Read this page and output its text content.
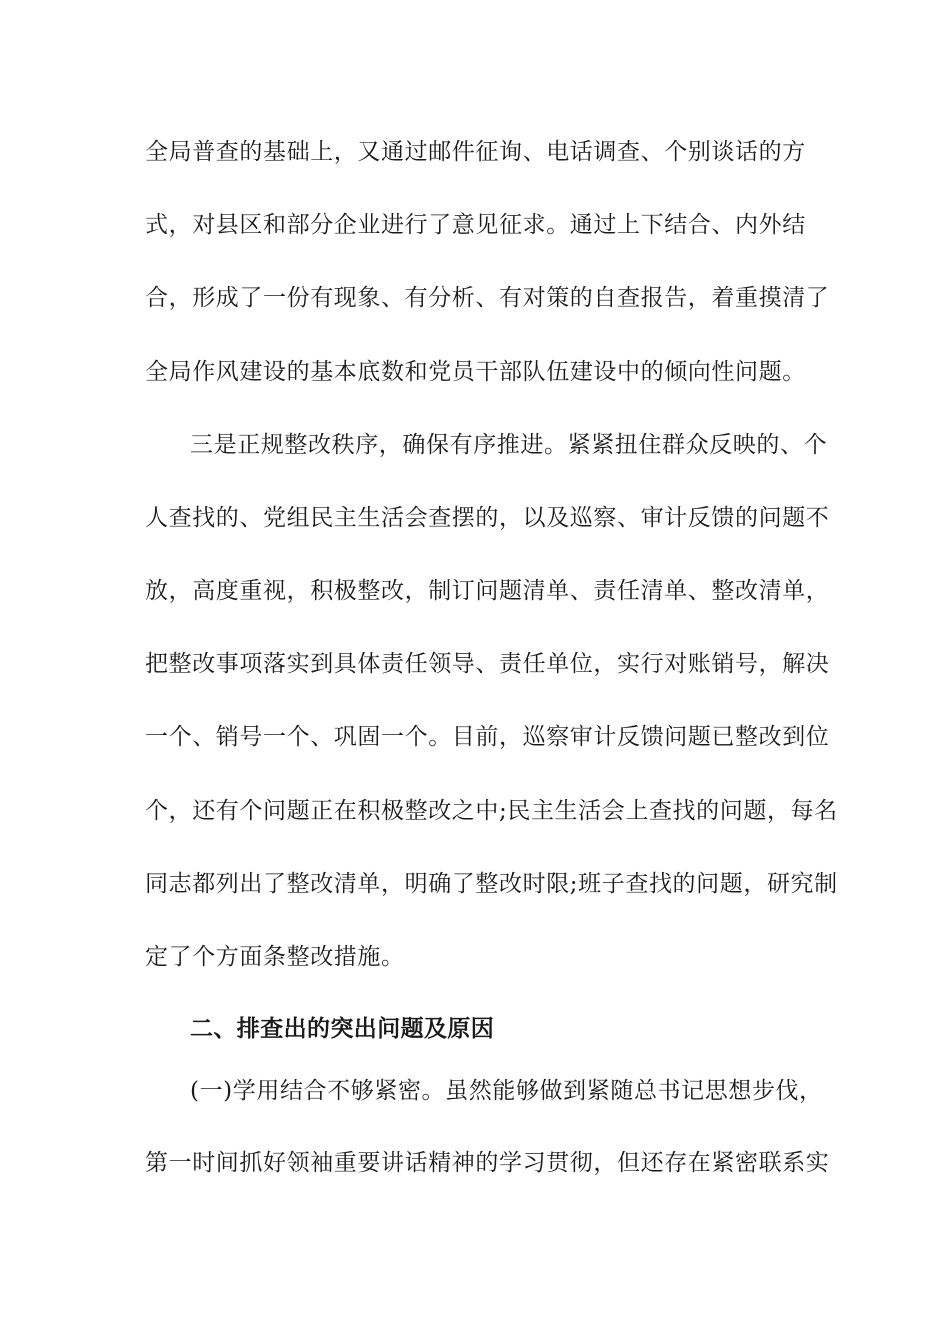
全局普查的基础上，又通过邮件征询、电话调查、个别谈话的方
式，对县区和部分企业进行了意见征求。通过上下结合、内外结
合，形成了一份有现象、有分析、有对策的自查报告，着重摸清了
全局作风建设的基本底数和党员干部队伍建设中的倾向性问题。
三是正规整改秩序，确保有序推进。紧紧扭住群众反映的、个
人查找的、党组民主生活会查摆的，以及巡察、审计反馈的问题不
放，高度重视，积极整改，制订问题清单、责任清单、整改清单，
把整改事项落实到具体责任领导、责任单位，实行对账销号，解决
一个、销号一个、巩固一个。目前，巡察审计反馈问题已整改到位
个，还有个问题正在积极整改之中;民主生活会上查找的问题，每名
同志都列出了整改清单，明确了整改时限;班子查找的问题，研究制
定了个方面条整改措施。
二、排查出的突出问题及原因
(一)学用结合不够紧密。虽然能够做到紧随总书记思想步伐，
第一时间抓好领袖重要讲话精神的学习贯彻，但还存在紧密联系实
